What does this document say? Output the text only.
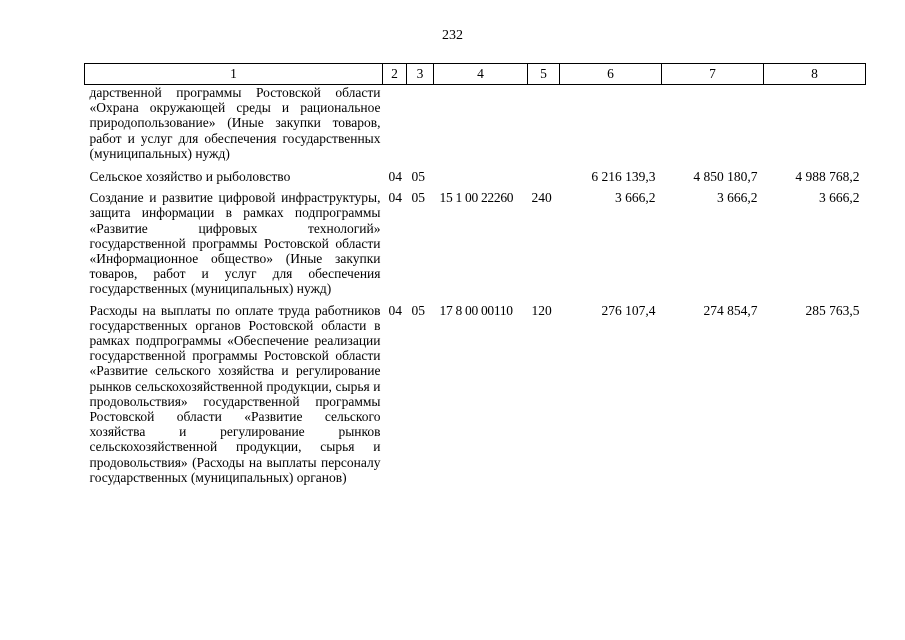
232
1	2	3	4	5	6	7	8
дарственной программы Ростовской области «Охрана окружающей среды и рациональное природопользование» (Иные закупки товаров, работ и услуг для обеспечения государственных (муниципальных) нужд)							
Сельское хозяйство и рыболовство	04	05			6 216 139,3	4 850 180,7	4 988 768,2
Создание и развитие цифровой инфраструктуры, защита информации в рамках подпрограммы «Развитие цифровых технологий» государственной программы Ростовской области «Информационное общество» (Иные закупки товаров, работ и услуг для обеспечения государственных (муниципальных) нужд)	04	05	15 1 00 22260	240	3 666,2	3 666,2	3 666,2
Расходы на выплаты по оплате труда работников государственных органов Ростовской области в рамках подпрограммы «Обеспечение реализации государственной программы Ростовской области «Развитие сельского хозяйства и регулирование рынков сельскохозяйственной продукции, сырья и продовольствия» государственной программы Ростовской области «Развитие сельского хозяйства и регулирование рынков сельскохозяйственной продукции, сырья и продовольствия» (Расходы на выплаты персоналу государственных (муниципальных) органов)	04	05	17 8 00 00110	120	276 107,4	274 854,7	285 763,5
